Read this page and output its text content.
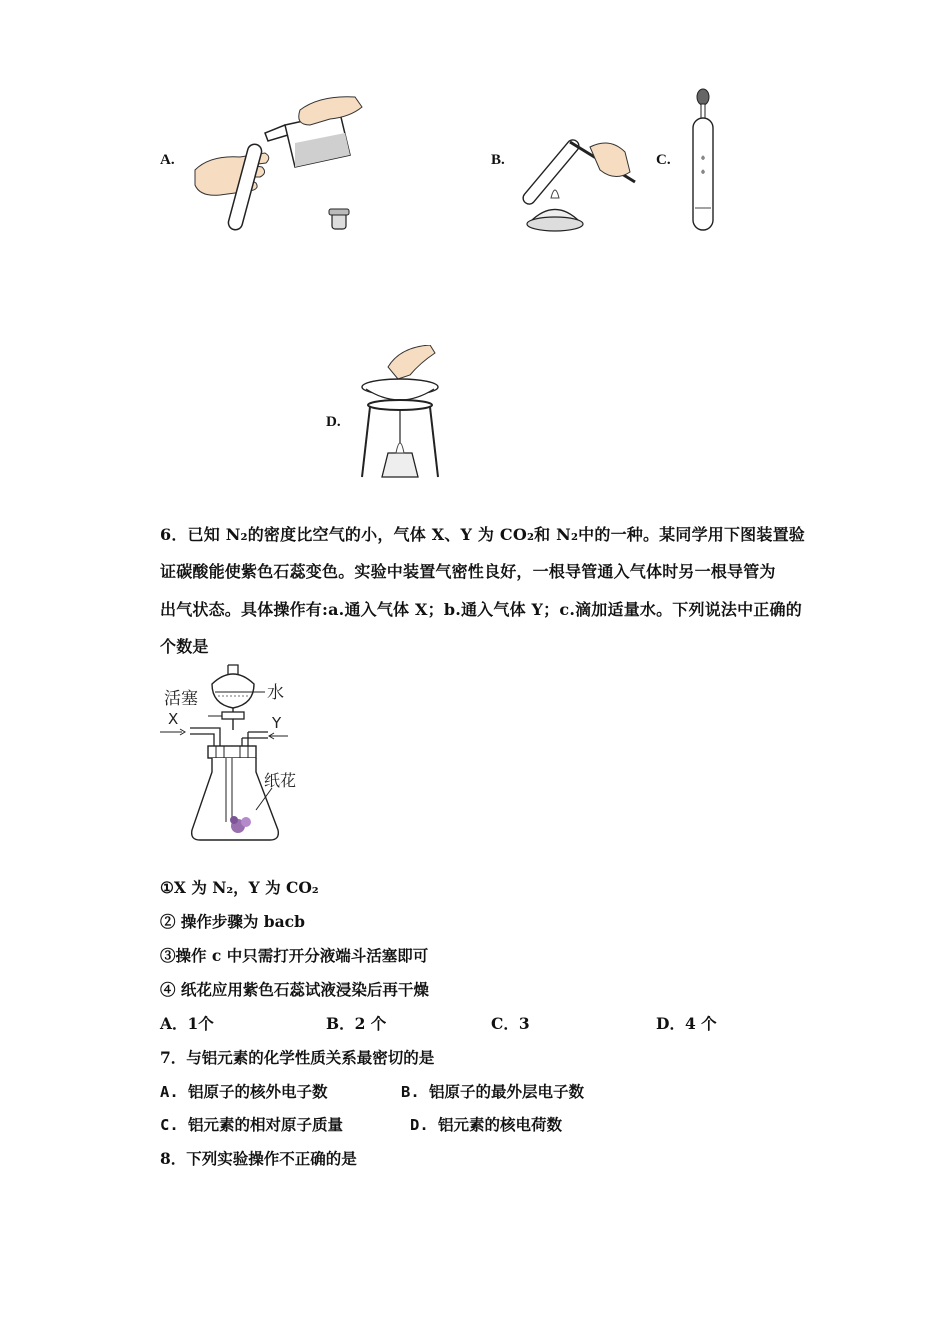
A.	B.	C.
D.
6．已知 N₂的密度比空气的小，气体 X、Y 为 CO₂和 N₂中的一种。某同学用下图装置验
证碳酸能使紫色石蕊变色。实验中装置气密性良好，一根导管通入气体时另一根导管为
出气状态。具体操作有:a.通入气体 X；b.通入气体 Y；c.滴加适量水。下列说法中正确的
个数是
活塞	水
X	Y
纸花
①X 为 N₂，Y 为 CO₂
② 操作步骤为 bacb
③操作 c 中只需打开分液端斗活塞即可
④ 纸花应用紫色石蕊试液浸染后再干燥
A．1个	B．2 个	C．3	D．4 个
7．与铝元素的化学性质关系最密切的是
A. 铝原子的核外电子数	B. 铝原子的最外层电子数
C. 铝元素的相对原子质量	D. 铝元素的核电荷数
8．下列实验操作不正确的是
